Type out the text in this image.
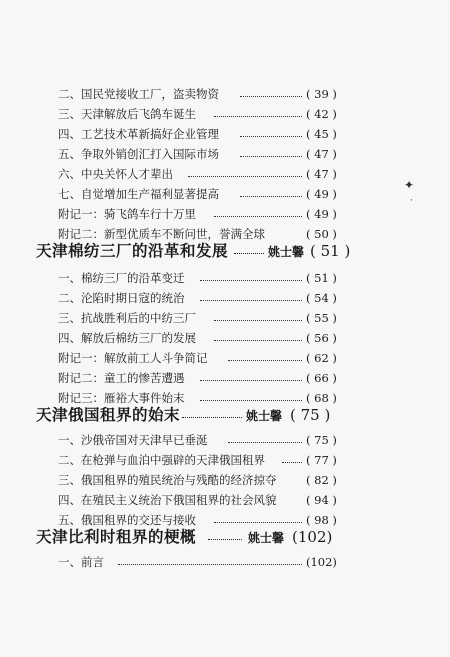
二、国民党接收工厂，盗卖物资	( 39 )
三、天津解放后飞鸽车诞生	( 42 )
四、工艺技术革新搞好企业管理	( 45 )
五、争取外销创汇打入国际市场	( 47 )
六、中央关怀人才辈出	( 47 )
七、自觉增加生产福利显著提高	( 49 )
附记一：骑飞鸽车行十万里	( 49 )
附记二：新型优质车不断问世，誉满全球	( 50 )
天津棉纺三厂的沿革和发展	姚士馨 ( 51 )
一、棉纺三厂的沿革变迁	( 51 )
二、沦陷时期日寇的统治	( 54 )
三、抗战胜利后的中纺三厂	( 55 )
四、解放后棉纺三厂的发展	( 56 )
附记一：解放前工人斗争简记	( 62 )
附记二：童工的惨苦遭遇	( 66 )
附记三：雁裕大事件始末	( 68 )
天津俄国租界的始末	姚士馨 ( 75 )
一、沙俄帝国对天津早已垂涎	( 75 )
二、在枪弹与血泊中强辟的天津俄国租界	( 77 )
三、俄国租界的殖民统治与残酷的经济掠夺	( 82 )
四、在殖民主义统治下俄国租界的社会风貌	( 94 )
五、俄国租界的交还与接收	( 98 )
天津比利时租界的梗概	姚士馨 (102)
一、前言	(102)
✦
·
